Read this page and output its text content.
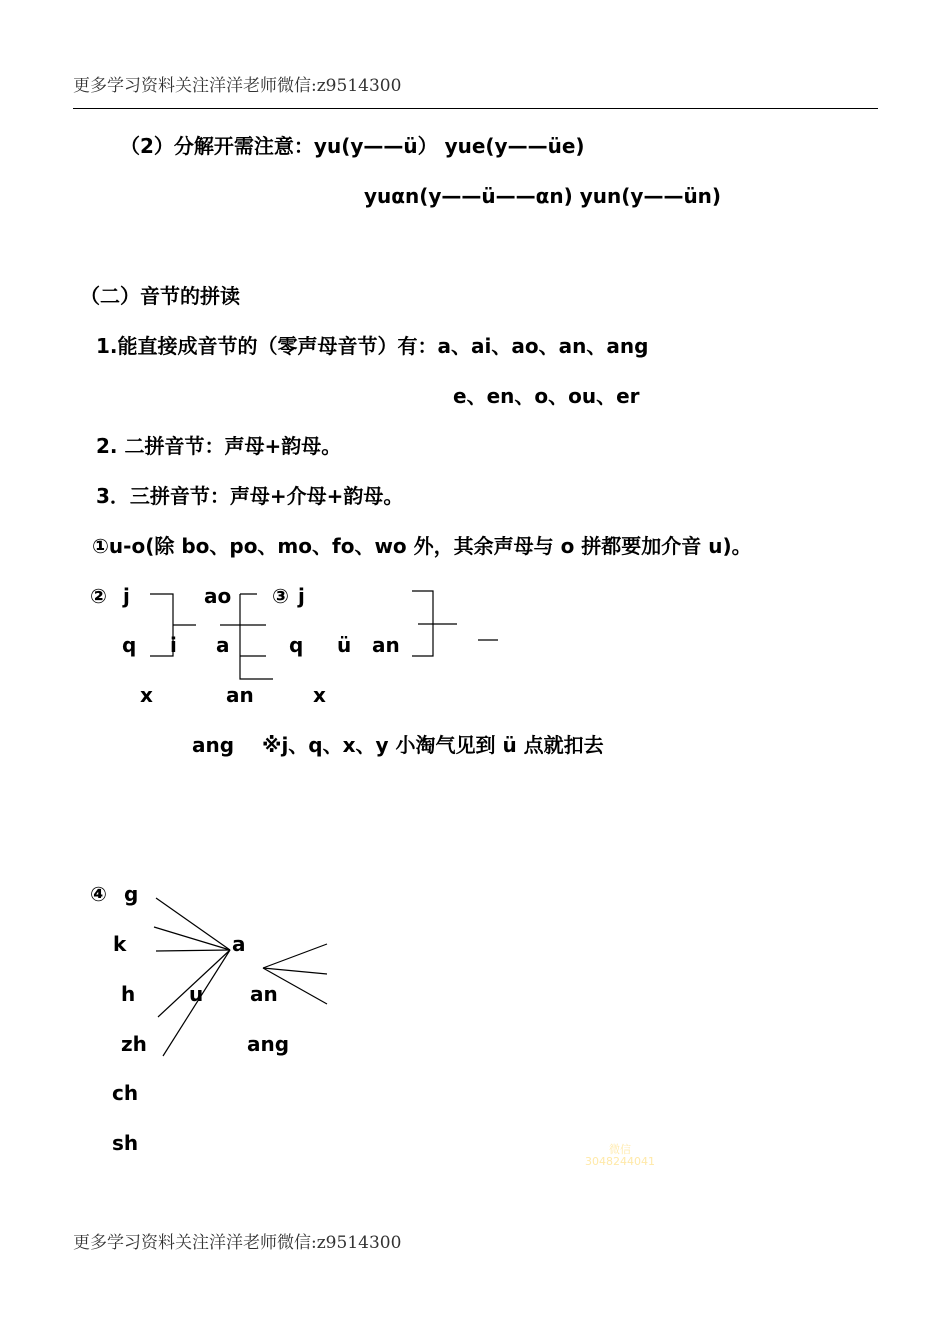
更多学习资料关注洋洋老师微信:z9514300
（2）分解开需注意：yu(y——ü） yue(y——üe)
yuαn(y——ü——αn) yun(y——ün)
（二）音节的拼读
1.能直接成音节的（零声母音节）有：a、ai、ao、an、ang
e、en、o、ou、er
2. 二拼音节：声母+韵母。
3．三拼音节：声母+介母+韵母。
①u-o(除 bo、po、mo、fo、wo 外，其余声母与 o 拼都要加介音 u)。
② j
q
x
i
ao
a
an
ang
③ j
q
x
ü an
※j、q、x、y 小淘气见到 ü 点就扣去
④ g
k
h
zh
ch
sh
u
a
an
ang
微信
3048244041
更多学习资料关注洋洋老师微信:z9514300
